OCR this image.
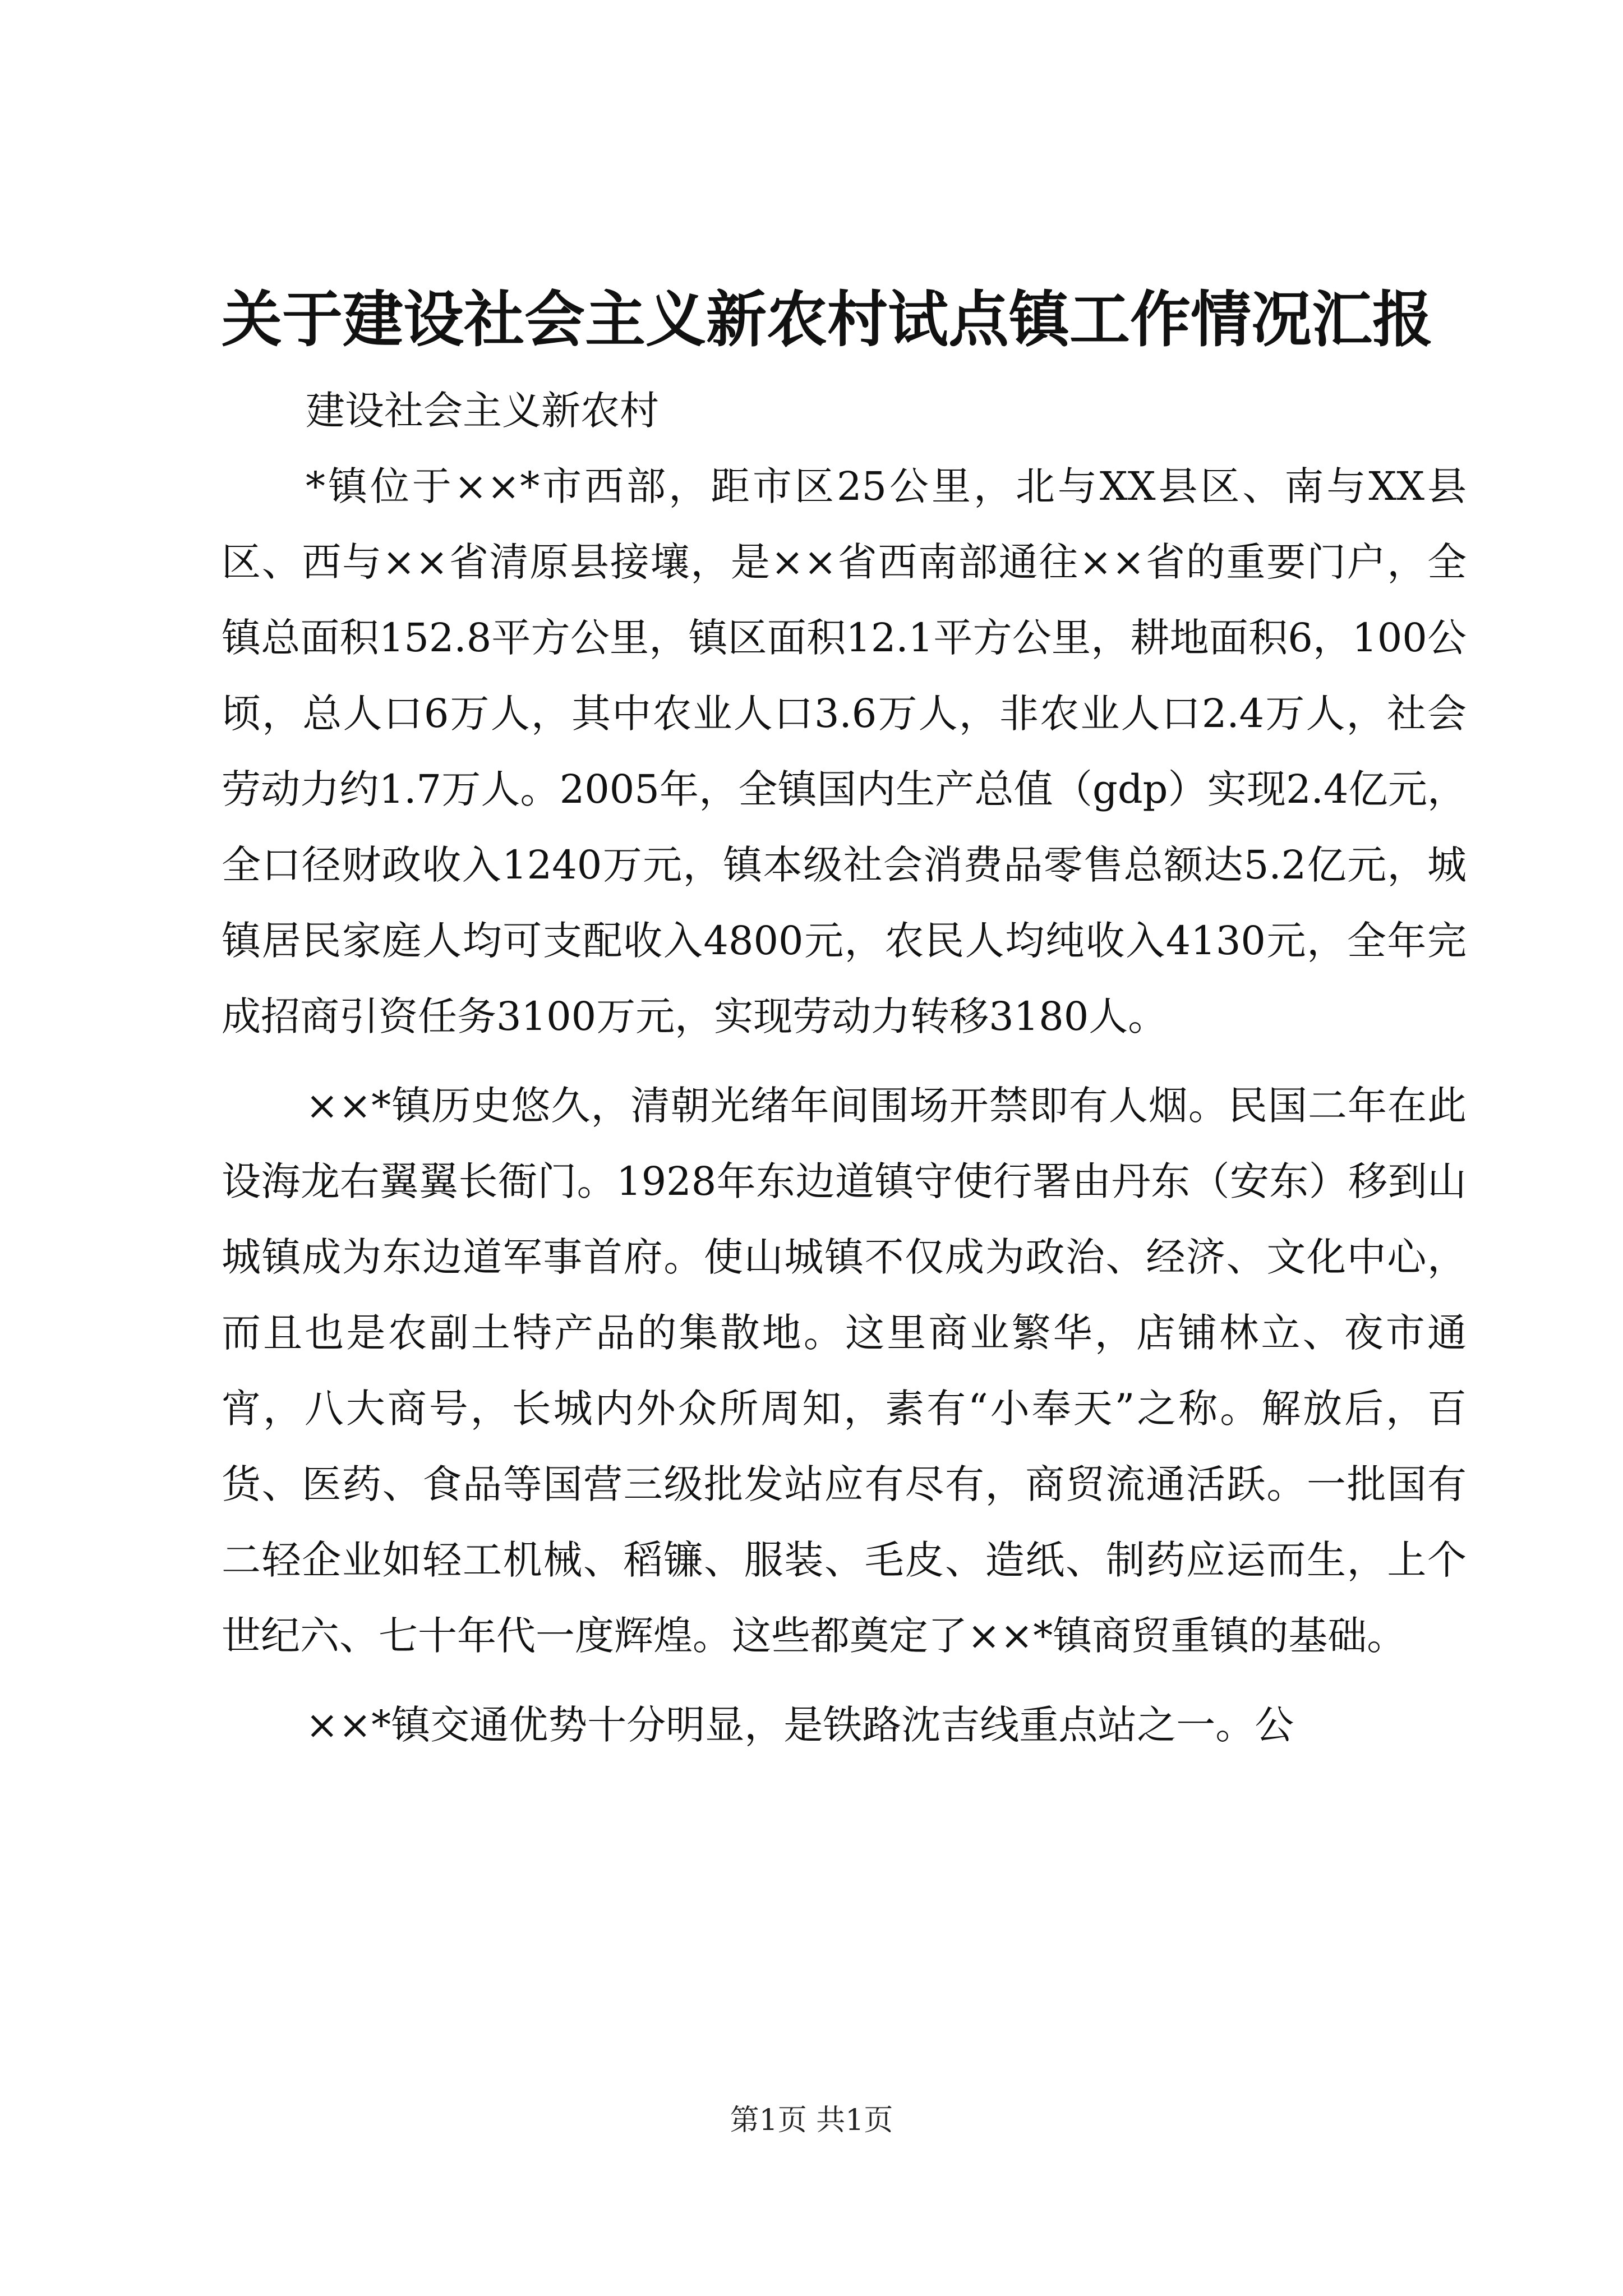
关于建设社会主义新农村试点镇工作情况汇报

建设社会主义新农村

*镇位于××*市西部，距市区25公里，北与XX县区、南与XX县区、西与××省清原县接壤，是××省西南部通往××省的重要门户，全镇总面积152.8平方公里，镇区面积12.1平方公里，耕地面积6，100公顷，总人口6万人，其中农业人口3.6万人，非农业人口2.4万人，社会劳动力约1.7万人。2005年，全镇国内生产总值（gdp）实现2.4亿元，全口径财政收入1240万元，镇本级社会消费品零售总额达5.2亿元，城镇居民家庭人均可支配收入4800元，农民人均纯收入4130元，全年完成招商引资任务3100万元，实现劳动力转移3180人。

××*镇历史悠久，清朝光绪年间围场开禁即有人烟。民国二年在此设海龙右翼翼长衙门。1928年东边道镇守使行署由丹东（安东）移到山城镇成为东边道军事首府。使山城镇不仅成为政治、经济、文化中心，而且也是农副土特产品的集散地。这里商业繁华，店铺林立、夜市通宵，八大商号，长城内外众所周知，素有“小奉天”之称。解放后，百货、医药、食品等国营三级批发站应有尽有，商贸流通活跃。一批国有二轻企业如轻工机械、稻镰、服装、毛皮、造纸、制药应运而生，上个世纪六、七十年代一度辉煌。这些都奠定了××*镇商贸重镇的基础。

××*镇交通优势十分明显，是铁路沈吉线重点站之一。公

第1页 共1页
